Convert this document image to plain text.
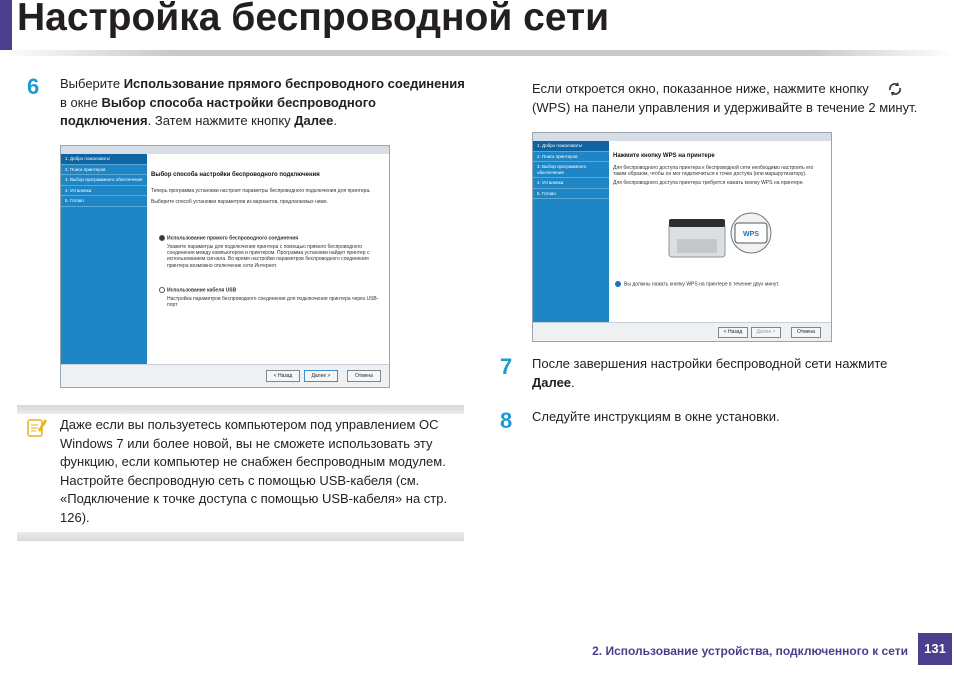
Настройка беспроводной сети
6 Выберите Использование прямого беспроводного соединения в окне Выбор способа настройки беспроводного подключения. Затем нажмите кнопку Далее.
1. Добро пожаловать!
2. Поиск принтеров
3. Выбор программного обеспечения
4. Установка
5. Готово
Выбор способа настройки беспроводного подключения
Теперь программа установки настроит параметры беспроводного подключения для принтера.
Выберите способ установки параметров из вариантов, предлагаемых ниже.
Использование прямого беспроводного соединения
Укажите параметры для подключения принтера с помощью прямого беспроводного соединения между компьютером и принтером. Программа установки найдет принтер с использованием сигнала. Во время настройки параметров беспроводного соединения принтера возможно отключение сети Интернет.
Использование кабеля USB
Настройка параметров беспроводного соединения для подключения принтера через USB-порт
< Назад	Далее >	Отмена
Даже если вы пользуетесь компьютером под управлением ОС Windows 7 или более новой, вы не сможете использовать эту функцию, если компьютер не снабжен беспроводным модулем. Настройте беспроводную сеть с помощью USB-кабеля (см. «Подключение к точке доступа с помощью USB-кабеля» на стр. 126).
Если откроется окно, показанное ниже, нажмите кнопку
(WPS) на панели управления и удерживайте в течение 2 минут.
1. Добро пожаловать!
2. Поиск принтеров
3. Выбор программного обеспечения
4. Установка
5. Готово
Нажмите кнопку WPS на принтере
Для беспроводного доступа принтера к беспроводной сети необходимо настроить его таким образом, чтобы он мог подключиться к точке доступа (или маршрутизатору).
Для беспроводного доступа принтера требуется нажать кнопку WPS на принтере.
WPS
Вы должны нажать кнопку WPS на принтере в течение двух минут.
< Назад	Далее >	Отмена
7 После завершения настройки беспроводной сети нажмите Далее.
8 Следуйте инструкциям в окне установки.
2. Использование устройства, подключенного к сети	131
